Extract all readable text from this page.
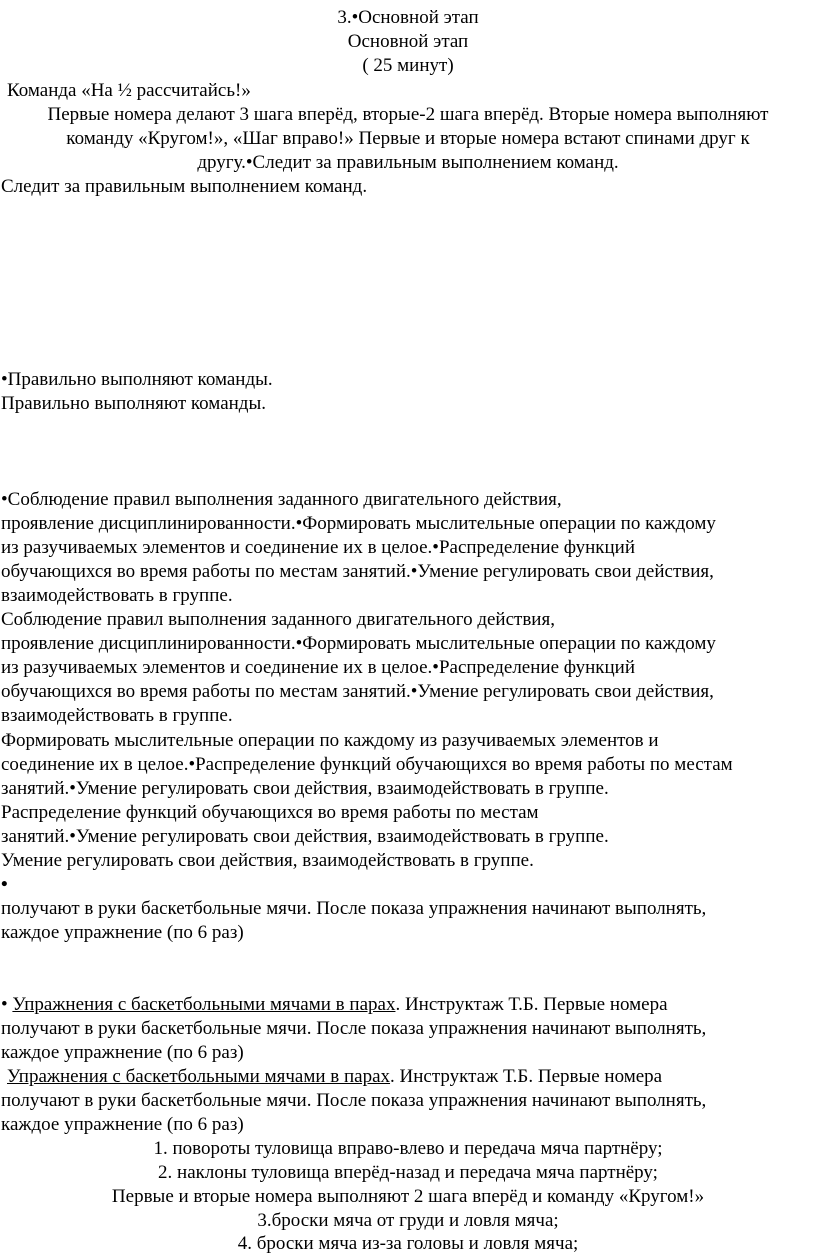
3.•Основной этап
Основной этап
( 25 минут)
Команда «На ½ рассчитайсь!»
Первые номера делают 3 шага вперёд, вторые-2 шага вперёд. Вторые номера выполняют
команду «Кругом!», «Шаг вправо!» Первые и вторые номера встают спинами друг к
другу.•Следит за правильным выполнением команд.
Следит за правильным выполнением команд.
•Правильно выполняют команды.
Правильно выполняют команды.
•Соблюдение правил выполнения заданного двигательного действия,
проявление дисциплинированности.•Формировать мыслительные операции по каждому
из разучиваемых элементов и соединение их в целое.•Распределение функций
обучающихся во время работы по местам занятий.•Умение регулировать свои действия,
взаимодействовать в группе.
Соблюдение правил выполнения заданного двигательного действия,
проявление дисциплинированности.•Формировать мыслительные операции по каждому
из разучиваемых элементов и соединение их в целое.•Распределение функций
обучающихся во время работы по местам занятий.•Умение регулировать свои действия,
взаимодействовать в группе.
Формировать мыслительные операции по каждому из разучиваемых элементов и
соединение их в целое.•Распределение функций обучающихся во время работы по местам
занятий.•Умение регулировать свои действия, взаимодействовать в группе.
Распределение функций обучающихся во время работы по местам
занятий.•Умение регулировать свои действия, взаимодействовать в группе.
Умение регулировать свои действия, взаимодействовать в группе.
•
получают в руки баскетбольные мячи. После показа упражнения начинают выполнять,
каждое упражнение (по 6 раз)
• Упражнения с баскетбольными мячами в парах. Инструктаж Т.Б. Первые номера
получают в руки баскетбольные мячи. После показа упражнения начинают выполнять,
каждое упражнение (по 6 раз)
Упражнения с баскетбольными мячами в парах. Инструктаж Т.Б. Первые номера
получают в руки баскетбольные мячи. После показа упражнения начинают выполнять,
каждое упражнение (по 6 раз)
1. повороты туловища вправо-влево и передача мяча партнёру;
2. наклоны туловища вперёд-назад и передача мяча партнёру;
Первые и вторые номера выполняют 2 шага вперёд и команду «Кругом!»
3.броски мяча от груди и ловля мяча;
4. броски мяча из-за головы и ловля мяча;
